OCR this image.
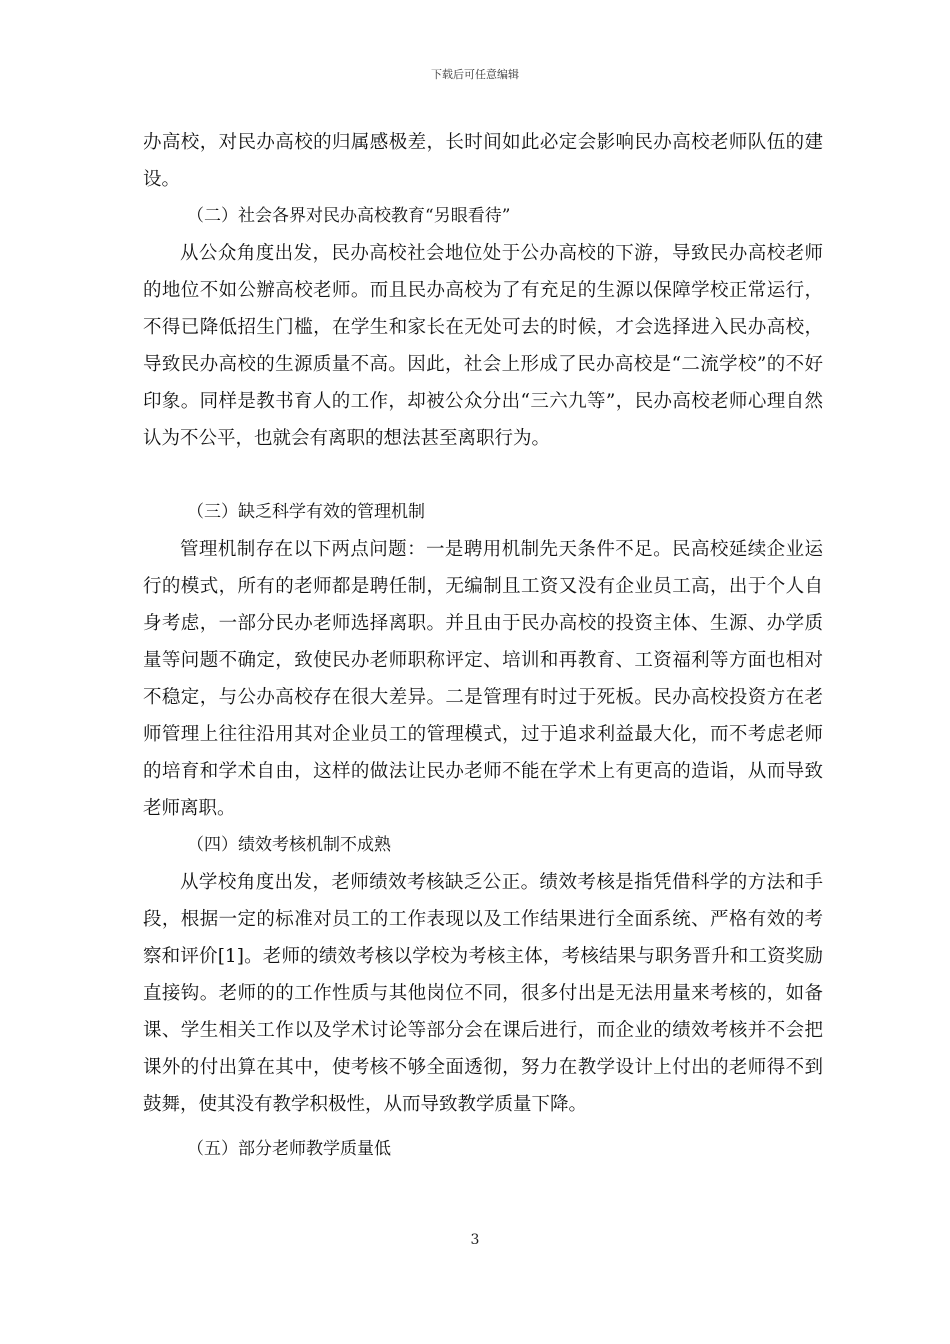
下载后可任意编辑

办高校，对民办高校的归属感极差，长时间如此必定会影响民办高校老师队伍的建设。

（二）社会各界对民办高校教育“另眼看待”

从公众角度出发，民办高校社会地位处于公办高校的下游，导致民办高校老师的地位不如公辦高校老师。而且民办高校为了有充足的生源以保障学校正常运行，不得已降低招生门槛，在学生和家长在无处可去的时候，才会选择进入民办高校，导致民办高校的生源质量不高。因此，社会上形成了民办高校是“二流学校”的不好印象。同样是教书育人的工作，却被公众分出“三六九等”，民办高校老师心理自然认为不公平，也就会有离职的想法甚至离职行为。

（三）缺乏科学有效的管理机制

管理机制存在以下两点问题：一是聘用机制先天条件不足。民高校延续企业运行的模式，所有的老师都是聘任制，无编制且工资又没有企业员工高，出于个人自身考虑，一部分民办老师选择离职。并且由于民办高校的投资主体、生源、办学质量等问题不确定，致使民办老师职称评定、培训和再教育、工资福利等方面也相对不稳定，与公办高校存在很大差异。二是管理有时过于死板。民办高校投资方在老师管理上往往沿用其对企业员工的管理模式，过于追求利益最大化，而不考虑老师的培育和学术自由，这样的做法让民办老师不能在学术上有更高的造诣，从而导致老师离职。

（四）绩效考核机制不成熟

从学校角度出发，老师绩效考核缺乏公正。绩效考核是指凭借科学的方法和手段，根据一定的标准对员工的工作表现以及工作结果进行全面系统、严格有效的考察和评价[1]。老师的绩效考核以学校为考核主体，考核结果与职务晋升和工资奖励直接钩。老师的的工作性质与其他岗位不同，很多付出是无法用量来考核的，如备课、学生相关工作以及学术讨论等部分会在课后进行，而企业的绩效考核并不会把课外的付出算在其中，使考核不够全面透彻，努力在教学设计上付出的老师得不到鼓舞，使其没有教学积极性，从而导致教学质量下降。

（五）部分老师教学质量低

3
